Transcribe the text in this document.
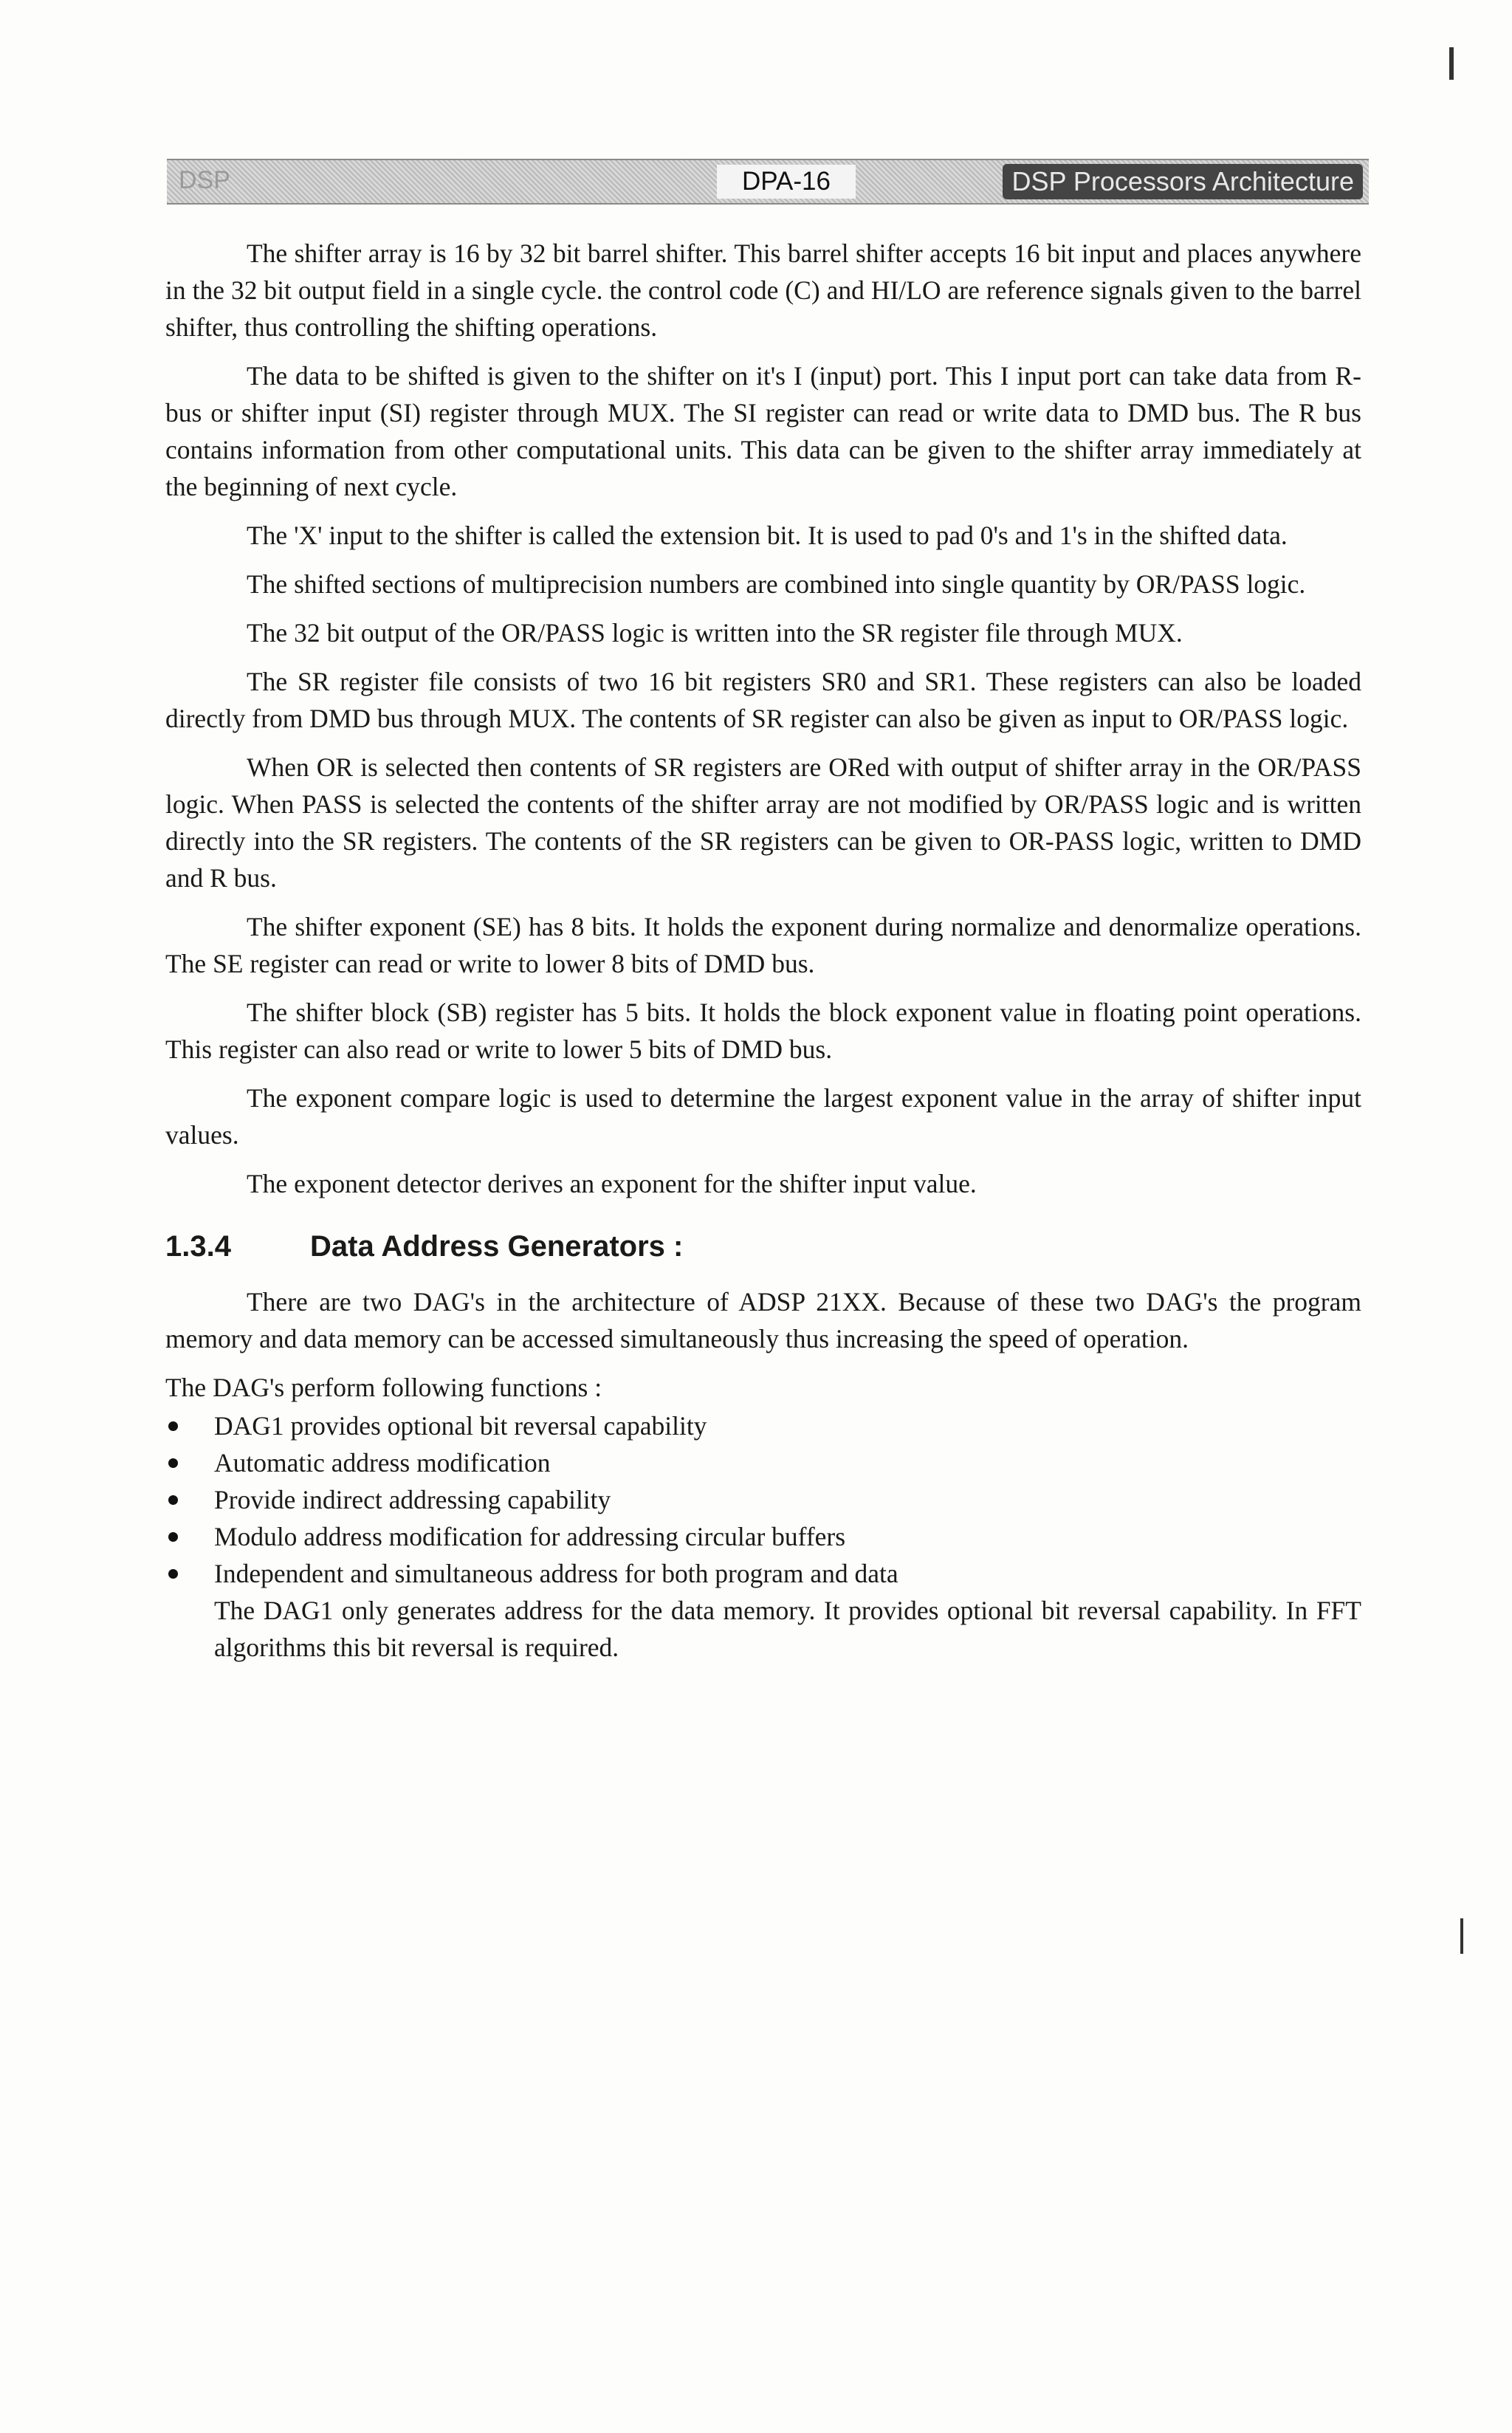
DSP	DPA-16	DSP Processors Architecture

The shifter array is 16 by 32 bit barrel shifter. This barrel shifter accepts 16 bit input and places anywhere in the 32 bit output field in a single cycle. the control code (C) and HI/LO are reference signals given to the barrel shifter, thus controlling the shifting operations.

The data to be shifted is given to the shifter on it's I (input) port. This I input port can take data from R-bus or shifter input (SI) register through MUX. The SI register can read or write data to DMD bus. The R bus contains information from other computational units. This data can be given to the shifter array immediately at the beginning of next cycle.

The 'X' input to the shifter is called the extension bit. It is used to pad 0's and 1's in the shifted data.

The shifted sections of multiprecision numbers are combined into single quantity by OR/PASS logic.

The 32 bit output of the OR/PASS logic is written into the SR register file through MUX.

The SR register file consists of two 16 bit registers SR0 and SR1. These registers can also be loaded directly from DMD bus through MUX. The contents of SR register can also be given as input to OR/PASS logic.

When OR is selected then contents of SR registers are ORed with output of shifter array in the OR/PASS logic. When PASS is selected the contents of the shifter array are not modified by OR/PASS logic and is written directly into the SR registers. The contents of the SR registers can be given to OR-PASS logic, written to DMD and R bus.

The shifter exponent (SE) has 8 bits. It holds the exponent during normalize and denormalize operations. The SE register can read or write to lower 8 bits of DMD bus.

The shifter block (SB) register has 5 bits. It holds the block exponent value in floating point operations. This register can also read or write to lower 5 bits of DMD bus.

The exponent compare logic is used to determine the largest exponent value in the array of shifter input values.

The exponent detector derives an exponent for the shifter input value.

1.3.4	Data Address Generators :

There are two DAG's in the architecture of ADSP 21XX. Because of these two DAG's the program memory and data memory can be accessed simultaneously thus increasing the speed of operation.

The DAG's perform following functions :

DAG1 provides optional bit reversal capability
Automatic address modification
Provide indirect addressing capability
Modulo address modification for addressing circular buffers
Independent and simultaneous address for both program and data
The DAG1 only generates address for the data memory. It provides optional bit reversal capability. In FFT algorithms this bit reversal is required.
